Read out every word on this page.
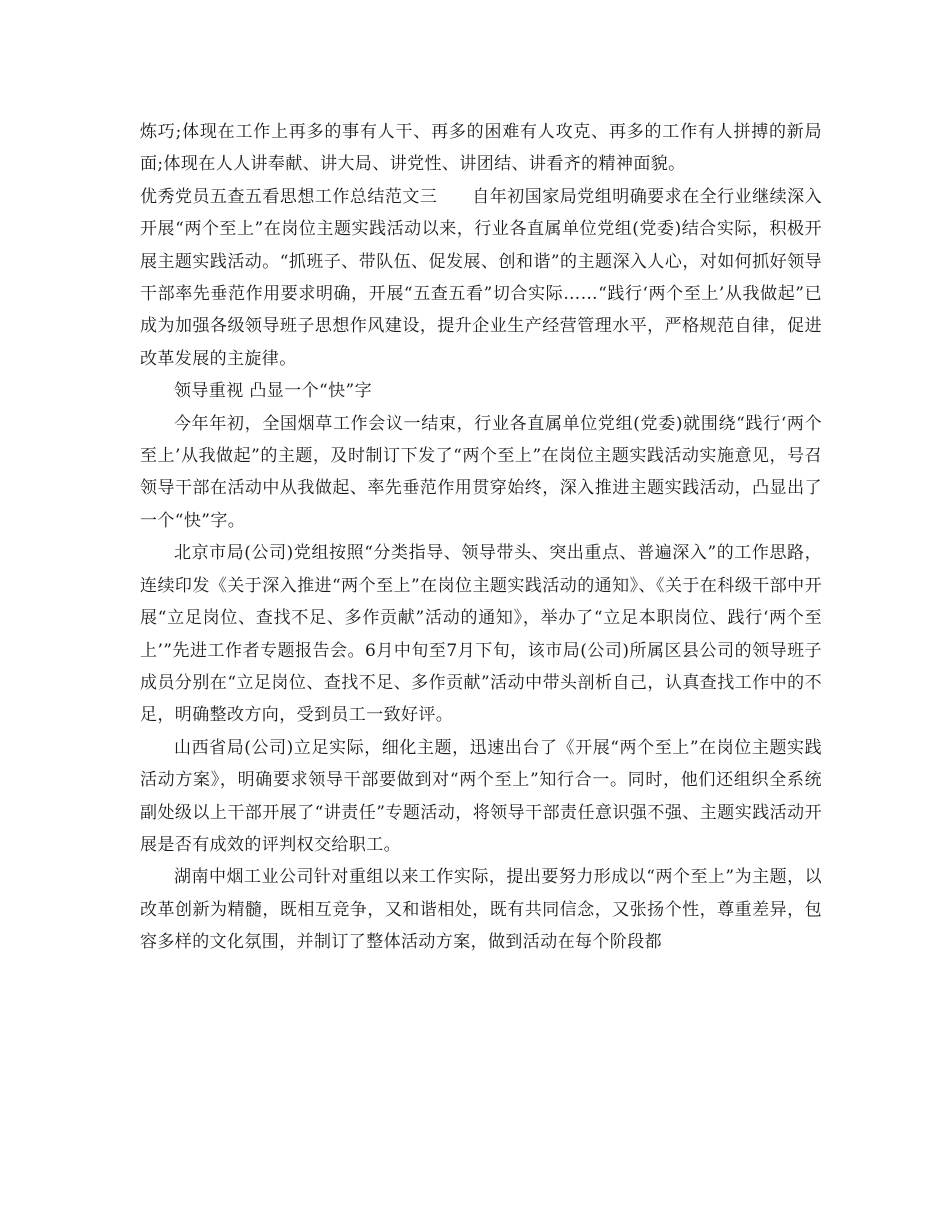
炼巧;体现在工作上再多的事有人干、再多的困难有人攻克、再多的工作有人拼搏的新局面;体现在人人讲奉献、讲大局、讲党性、讲团结、讲看齐的精神面貌。

优秀党员五查五看思想工作总结范文三　　自年初国家局党组明确要求在全行业继续深入开展“两个至上”在岗位主题实践活动以来，行业各直属单位党组(党委)结合实际，积极开展主题实践活动。“抓班子、带队伍、促发展、创和谐”的主题深入人心，对如何抓好领导干部率先垂范作用要求明确，开展“五查五看”切合实际……“践行‘两个至上’从我做起”已成为加强各级领导班子思想作风建设，提升企业生产经营管理水平，严格规范自律，促进改革发展的主旋律。

领导重视 凸显一个“快”字

今年年初，全国烟草工作会议一结束，行业各直属单位党组(党委)就围绕“践行‘两个至上’从我做起”的主题，及时制订下发了“两个至上”在岗位主题实践活动实施意见，号召领导干部在活动中从我做起、率先垂范作用贯穿始终，深入推进主题实践活动，凸显出了一个“快”字。

北京市局(公司)党组按照“分类指导、领导带头、突出重点、普遍深入”的工作思路，连续印发《关于深入推进“两个至上”在岗位主题实践活动的通知》、《关于在科级干部中开展“立足岗位、查找不足、多作贡献”活动的通知》，举办了“立足本职岗位、践行‘两个至上’”先进工作者专题报告会。6月中旬至7月下旬，该市局(公司)所属区县公司的领导班子成员分别在“立足岗位、查找不足、多作贡献”活动中带头剖析自己，认真查找工作中的不足，明确整改方向，受到员工一致好评。

山西省局(公司)立足实际，细化主题，迅速出台了《开展“两个至上”在岗位主题实践活动方案》，明确要求领导干部要做到对“两个至上”知行合一。同时，他们还组织全系统副处级以上干部开展了“讲责任”专题活动，将领导干部责任意识强不强、主题实践活动开展是否有成效的评判权交给职工。

湖南中烟工业公司针对重组以来工作实际，提出要努力形成以“两个至上”为主题，以改革创新为精髓，既相互竞争，又和谐相处，既有共同信念，又张扬个性，尊重差异，包容多样的文化氛围，并制订了整体活动方案，做到活动在每个阶段都
